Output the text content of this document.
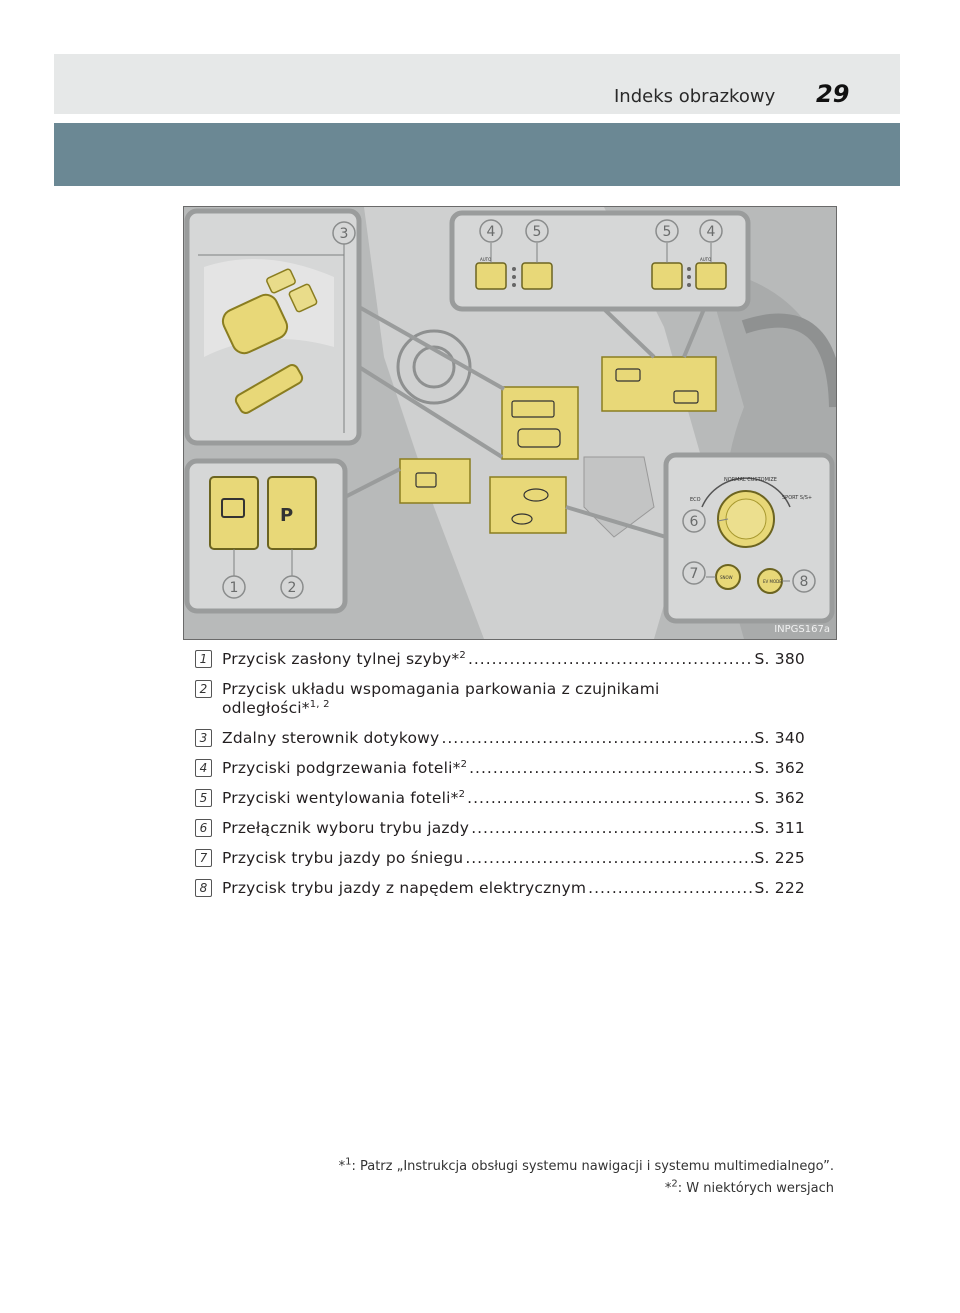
Indeks obrazkowy 29
P
NORMAL CUSTOMIZE
ECO	SPORT S/S+
SNOW
EV MODE
3	4	5	5	4
1	2
6
7	8
AUTO	AUTO
INPGS167a
1 Przycisk zasłony tylnej szyby*$^2$ .....	S. 380
2 Przycisk układu wspomagania parkowania z czujnikami
odległości*$^{1, 2}$
3 Zdalny sterownik dotykowy .....	S. 340
4 Przyciski podgrzewania foteli*$^2$ .....	S. 362
5 Przyciski wentylowania foteli*$^2$ .....	S. 362
6 Przełącznik wyboru trybu jazdy .....	S. 311
7 Przycisk trybu jazdy po śniegu .....	S. 225
8 Przycisk trybu jazdy z napędem elektrycznym .....	S. 222
*$^1$: Patrz „Instrukcja obsługi systemu nawigacji i systemu multimedialnego”.
*$^2$: W niektórych wersjach
